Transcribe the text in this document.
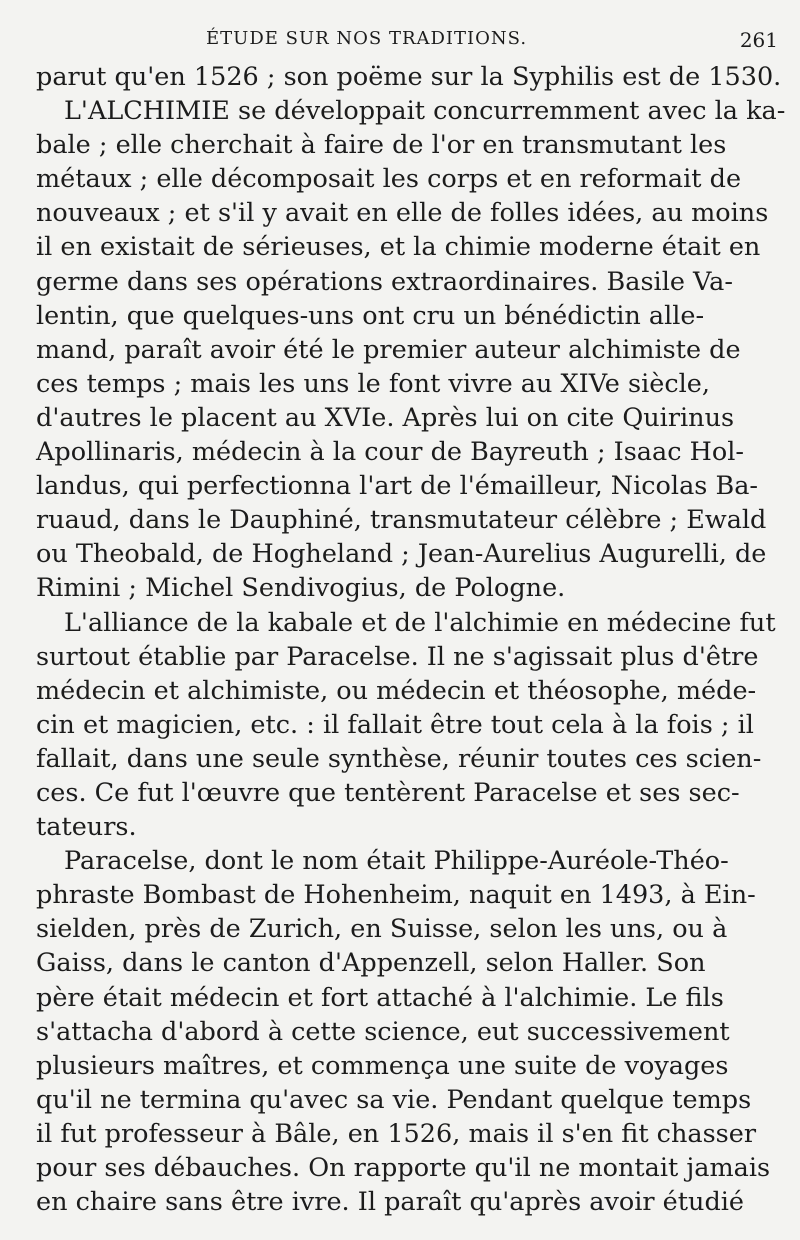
ÉTUDE SUR NOS TRADITIONS.	261
parut qu'en 1526 ; son poëme sur la Syphilis est de 1530.
L'ALCHIMIE se développait concurremment avec la ka-
bale ; elle cherchait à faire de l'or en transmutant les
métaux ; elle décomposait les corps et en reformait de
nouveaux ; et s'il y avait en elle de folles idées, au moins
il en existait de sérieuses, et la chimie moderne était en
germe dans ses opérations extraordinaires. Basile Va-
lentin, que quelques-uns ont cru un bénédictin alle-
mand, paraît avoir été le premier auteur alchimiste de
ces temps ; mais les uns le font vivre au XIVe siècle,
d'autres le placent au XVIe. Après lui on cite Quirinus
Apollinaris, médecin à la cour de Bayreuth ; Isaac Hol-
landus, qui perfectionna l'art de l'émailleur, Nicolas Ba-
ruaud, dans le Dauphiné, transmutateur célèbre ; Ewald
ou Theobald, de Hogheland ; Jean-Aurelius Augurelli, de
Rimini ; Michel Sendivogius, de Pologne.
L'alliance de la kabale et de l'alchimie en médecine fut
surtout établie par Paracelse. Il ne s'agissait plus d'être
médecin et alchimiste, ou médecin et théosophe, méde-
cin et magicien, etc. : il fallait être tout cela à la fois ; il
fallait, dans une seule synthèse, réunir toutes ces scien-
ces. Ce fut l'œuvre que tentèrent Paracelse et ses sec-
tateurs.
Paracelse, dont le nom était Philippe-Auréole-Théo-
phraste Bombast de Hohenheim, naquit en 1493, à Ein-
sielden, près de Zurich, en Suisse, selon les uns, ou à
Gaiss, dans le canton d'Appenzell, selon Haller. Son
père était médecin et fort attaché à l'alchimie. Le fils
s'attacha d'abord à cette science, eut successivement
plusieurs maîtres, et commença une suite de voyages
qu'il ne termina qu'avec sa vie. Pendant quelque temps
il fut professeur à Bâle, en 1526, mais il s'en fit chasser
pour ses débauches. On rapporte qu'il ne montait jamais
en chaire sans être ivre. Il paraît qu'après avoir étudié
